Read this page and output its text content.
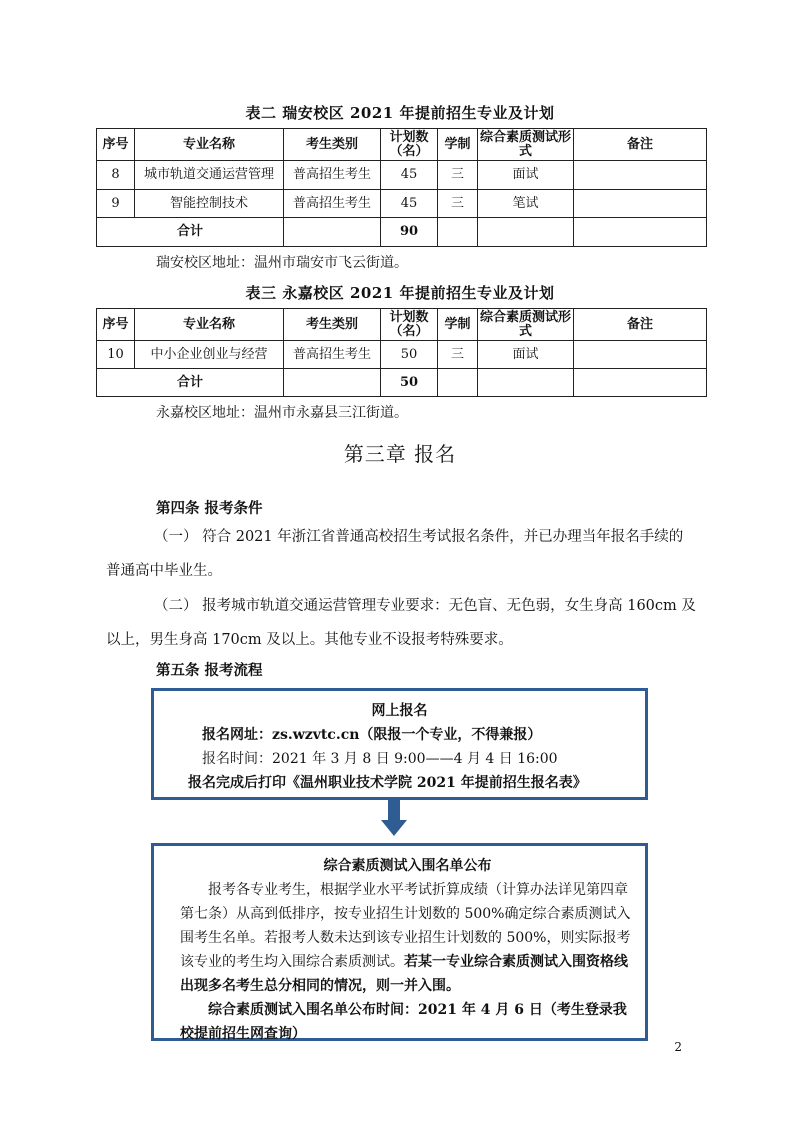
表二 瑞安校区 2021 年提前招生专业及计划
序号	专业名称	考生类别	计划数（名）	学制	综合素质测试形式	备注
8	城市轨道交通运营管理	普高招生考生	45	三	面试	
9	智能控制技术	普高招生考生	45	三	笔试	
合计			90			
瑞安校区地址：温州市瑞安市飞云街道。
表三 永嘉校区 2021 年提前招生专业及计划
序号	专业名称	考生类别	计划数（名）	学制	综合素质测试形式	备注
10	中小企业创业与经营	普高招生考生	50	三	面试	
合计			50			
永嘉校区地址：温州市永嘉县三江街道。
第三章 报名
第四条 报考条件
（一） 符合 2021 年浙江省普通高校招生考试报名条件，并已办理当年报名手续的普通高中毕业生。
（二） 报考城市轨道交通运营管理专业要求：无色盲、无色弱，女生身高 160cm 及以上，男生身高 170cm 及以上。其他专业不设报考特殊要求。
第五条 报考流程
网上报名
报名网址：zs.wzvtc.cn（限报一个专业，不得兼报）
报名时间：2021 年 3 月 8 日 9:00——4 月 4 日 16:00
报名完成后打印《温州职业技术学院 2021 年提前招生报名表》
综合素质测试入围名单公布
报考各专业考生，根据学业水平考试折算成绩（计算办法详见第四章第七条）从高到低排序，按专业招生计划数的 500%确定综合素质测试入围考生名单。若报考人数未达到该专业招生计划数的 500%，则实际报考该专业的考生均入围综合素质测试。若某一专业综合素质测试入围资格线出现多名考生总分相同的情况，则一并入围。
综合素质测试入围名单公布时间：2021 年 4 月 6 日（考生登录我校提前招生网查询）
2
